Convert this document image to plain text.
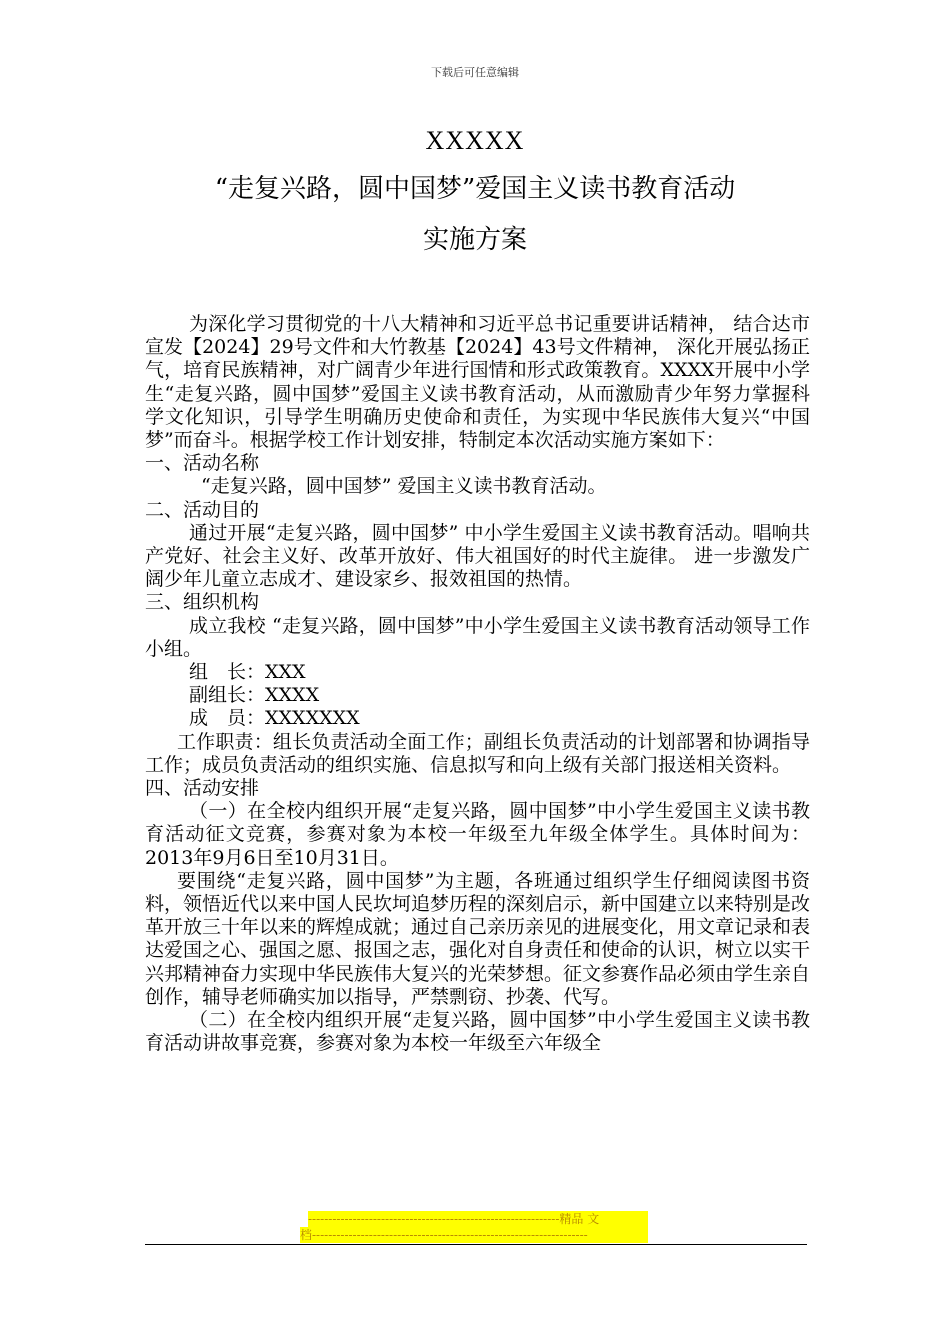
下载后可任意编辑
XXXXX
“走复兴路，圆中国梦”爱国主义读书教育活动
实施方案

为深化学习贯彻党的十八大精神和习近平总书记重要讲话精神， 结合达市宣发【2024】29号文件和大竹教基【2024】43号文件精神， 深化开展弘扬正气，培育民族精神，对广阔青少年进行国情和形式政策教育。XXXX开展中小学生“走复兴路，圆中国梦”爱国主义读书教育活动，从而激励青少年努力掌握科学文化知识，引导学生明确历史使命和责任，为实现中华民族伟大复兴“中国梦”而奋斗。根据学校工作计划安排，特制定本次活动实施方案如下：

一、活动名称

“走复兴路，圆中国梦” 爱国主义读书教育活动。

二、活动目的

通过开展“走复兴路，圆中国梦” 中小学生爱国主义读书教育活动。唱响共产党好、社会主义好、改革开放好、伟大祖国好的时代主旋律。 进一步激发广阔少年儿童立志成才、建设家乡、报效祖国的热情。

三、组织机构

成立我校 “走复兴路，圆中国梦”中小学生爱国主义读书教育活动领导工作小组。

组　长：XXX

副组长：XXXX

成　员：XXXXXXX

工作职责：组长负责活动全面工作；副组长负责活动的计划部署和协调指导工作；成员负责活动的组织实施、信息拟写和向上级有关部门报送相关资料。

四、活动安排

（一）在全校内组织开展“走复兴路，圆中国梦”中小学生爱国主义读书教育活动征文竞赛，参赛对象为本校一年级至九年级全体学生。具体时间为：2013年9月6日至10月31日。

要围绕“走复兴路，圆中国梦”为主题，各班通过组织学生仔细阅读图书资料，领悟近代以来中国人民坎坷追梦历程的深刻启示，新中国建立以来特别是改革开放三十年以来的辉煌成就；通过自己亲历亲见的进展变化，用文章记录和表达爱国之心、强国之愿、报国之志，强化对自身责任和使命的认识，树立以实干兴邦精神奋力实现中华民族伟大复兴的光荣梦想。征文参赛作品必须由学生亲自创作，辅导老师确实加以指导，严禁剽窃、抄袭、代写。

（二）在全校内组织开展“走复兴路，圆中国梦”中小学生爱国主义读书教育活动讲故事竞赛，参赛对象为本校一年级至六年级全

--------------------------------------------------------------精品 文
档--------------------------------------------------------------------
